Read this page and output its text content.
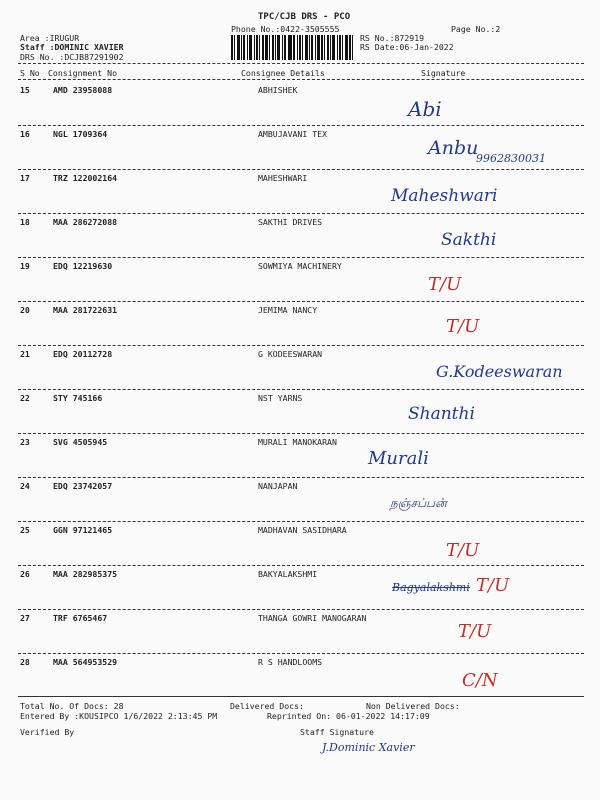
TPC/CJB DRS - PCO
Phone No.:0422-3505555	Page No.:2
Area :IRUGUR
Staff :DOMINIC XAVIER
DRS No. :DCJB87291902
RS No.:872919
RS Date:06-Jan-2022
S No Consignment No	Consignee Details	Signature
15	AMD 23958088	ABHISHEK
Abi
16	NGL 1709364	AMBUJAVANI TEX
Anbu
9962830031
17	TRZ 122002164	MAHESHWARI
Maheshwari
18	MAA 286272088	SAKTHI DRIVES
Sakthi
19	EDQ 12219630	SOWMIYA MACHINERY
T/U
20	MAA 281722631	JEMIMA NANCY
T/U
21	EDQ 20112728	G KODEESWARAN
G.Kodeeswaran
22	STY 745166	NST YARNS
Shanthi
23	SVG 4505945	MURALI MANOKARAN
Murali
24	EDQ 23742057	NANJAPAN
நஞ்சப்பன்
25	GGN 97121465	MADHAVAN SASIDHARA
T/U
26	MAA 282985375	BAKYALAKSHMI
Bagyalakshmi T/U
27	TRF 6765467	THANGA GOWRI MANOGARAN
T/U
28	MAA 564953529	R S HANDLOOMS
C/N
Total No. Of Docs: 28	Delivered Docs:	Non Delivered Docs:
Entered By :KOUSIPCO 1/6/2022 2:13:45 PM	Reprinted On: 06-01-2022 14:17:09
Verified By	Staff Signature
J.Dominic Xavier
